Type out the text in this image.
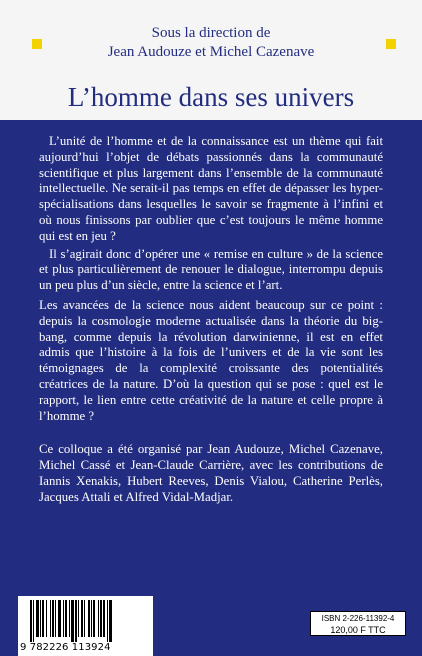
Sous la direction de
Jean Audouze et Michel Cazenave
L’homme dans ses univers

L’unité de l’homme et de la connaissance est un thème qui fait aujourd’hui l’objet de débats passionnés dans la communauté scientifique et plus largement dans l’ensemble de la communauté intellectuelle. Ne serait-il pas temps en effet de dépasser les hyper-spécialisations dans lesquelles le savoir se fragmente à l’infini et où nous finissons par oublier que c’est toujours le même homme qui est en jeu ?

Il s’agirait donc d’opérer une « remise en culture » de la science et plus particulièrement de renouer le dialogue, interrompu depuis un peu plus d’un siècle, entre la science et l’art.

Les avancées de la science nous aident beaucoup sur ce point : depuis la cosmologie moderne actualisée dans la théorie du big-bang, comme depuis la révolution darwinienne, il est en effet admis que l’histoire à la fois de l’univers et de la vie sont les témoignages de la complexité croissante des potentialités créatrices de la nature. D’où la question qui se pose : quel est le rapport, le lien entre cette créativité de la nature et celle propre à l’homme ?

Ce colloque a été organisé par Jean Audouze, Michel Cazenave, Michel Cassé et Jean-Claude Carrière, avec les contributions de Iannis Xenakis, Hubert Reeves, Denis Vialou, Catherine Perlès, Jacques Attali et Alfred Vidal-Madjar.

9 782226 113924
ISBN 2-226-11392-4
120,00 F TTC
